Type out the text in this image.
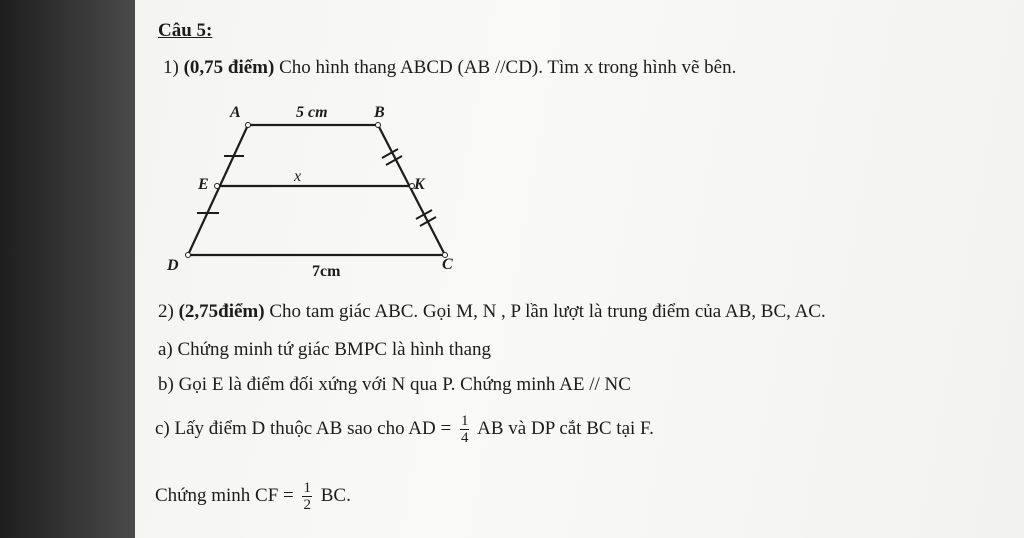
Câu 5:
1) (0,75 điểm) Cho hình thang ABCD (AB //CD). Tìm x trong hình vẽ bên.
A	B
C
D
E	K
5 cm
x
7cm
2) (2,75điểm) Cho tam giác ABC. Gọi M, N , P lần lượt là trung điểm của AB, BC, AC.
a) Chứng minh tứ giác BMPC là hình thang
b) Gọi E là điểm đối xứng với N qua P. Chứng minh AE // NC
c) Lấy điểm D thuộc AB sao cho AD = $\frac{1}{4}$ AB và DP cắt BC tại F.
Chứng minh CF = $\frac{1}{2}$ BC.
